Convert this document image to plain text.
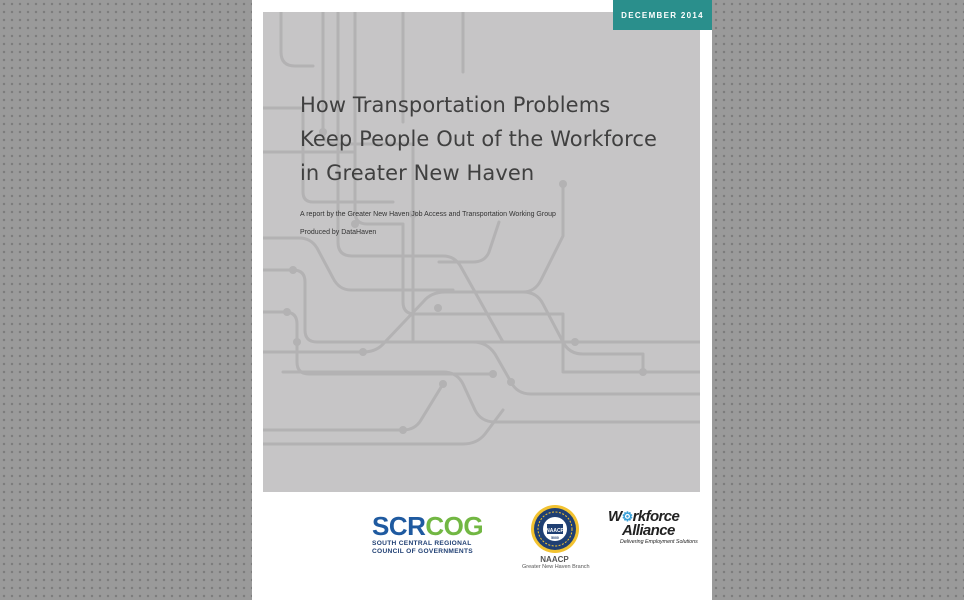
How Transportation Problems
Keep People Out of the Workforce
in Greater New Haven

A report by the Greater New Haven Job Access and Transportation Working Group

Produced by DataHaven

DECEMBER 2014
SCRCOG
SOUTH CENTRAL REGIONAL
COUNCIL OF GOVERNMENTS
NAACP
5000
NAACP
Greater New Haven Branch
W⚙rkforce
Alliance
Delivering Employment Solutions
